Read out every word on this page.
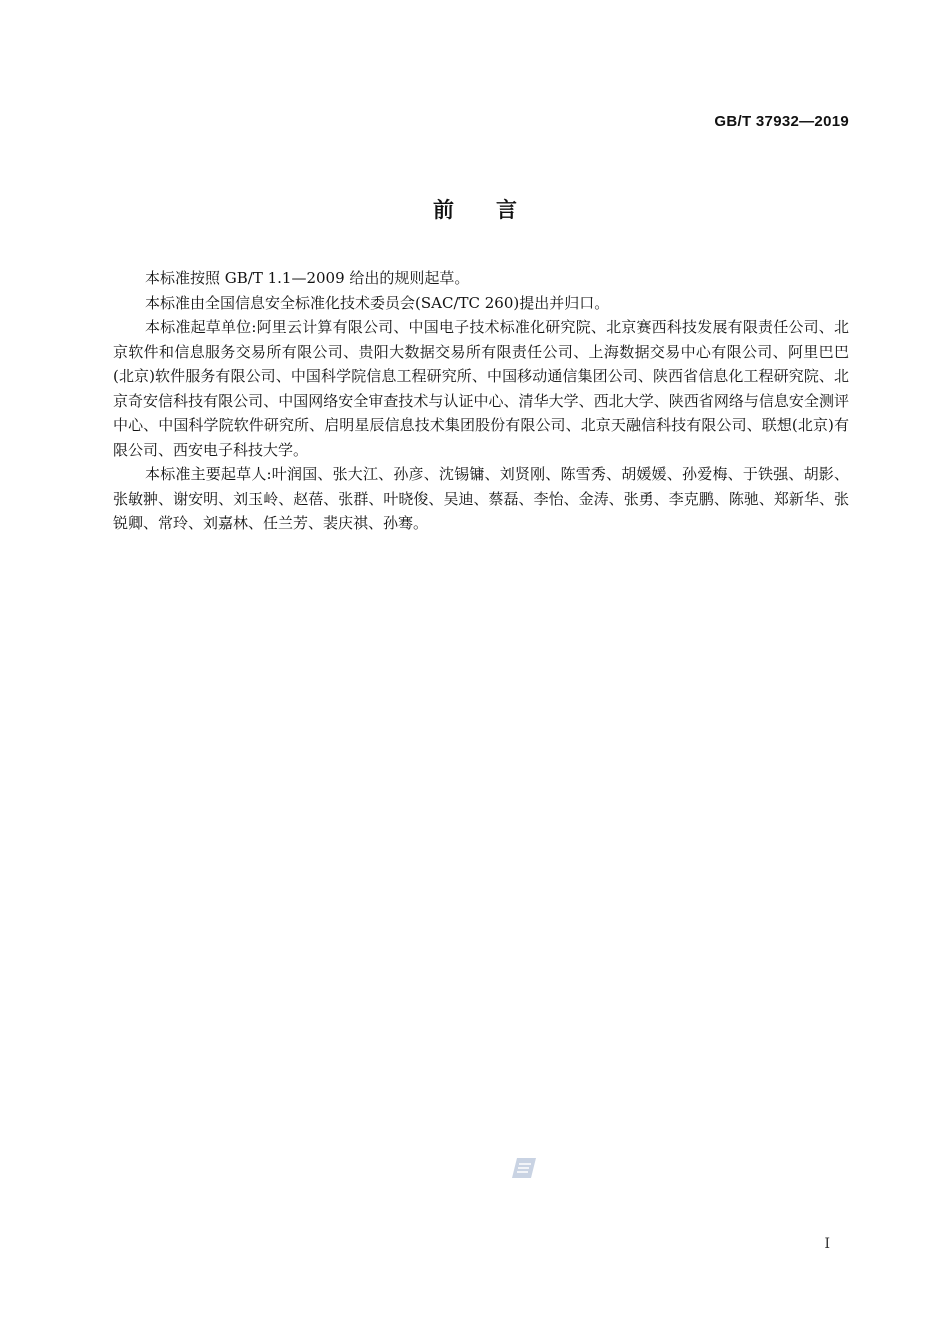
GB/T 37932—2019
前 言

本标准按照 GB/T 1.1—2009 给出的规则起草。

本标准由全国信息安全标准化技术委员会(SAC/TC 260)提出并归口。

本标准起草单位:阿里云计算有限公司、中国电子技术标准化研究院、北京赛西科技发展有限责任公司、北京软件和信息服务交易所有限公司、贵阳大数据交易所有限责任公司、上海数据交易中心有限公司、阿里巴巴(北京)软件服务有限公司、中国科学院信息工程研究所、中国移动通信集团公司、陕西省信息化工程研究院、北京奇安信科技有限公司、中国网络安全审查技术与认证中心、清华大学、西北大学、陕西省网络与信息安全测评中心、中国科学院软件研究所、启明星辰信息技术集团股份有限公司、北京天融信科技有限公司、联想(北京)有限公司、西安电子科技大学。

本标准主要起草人:叶润国、张大江、孙彦、沈锡镛、刘贤刚、陈雪秀、胡媛媛、孙爱梅、于铁强、胡影、张敏翀、谢安明、刘玉岭、赵蓓、张群、叶晓俊、吴迪、蔡磊、李怡、金涛、张勇、李克鹏、陈驰、郑新华、张锐卿、常玲、刘嘉林、任兰芳、裴庆祺、孙骞。

I
